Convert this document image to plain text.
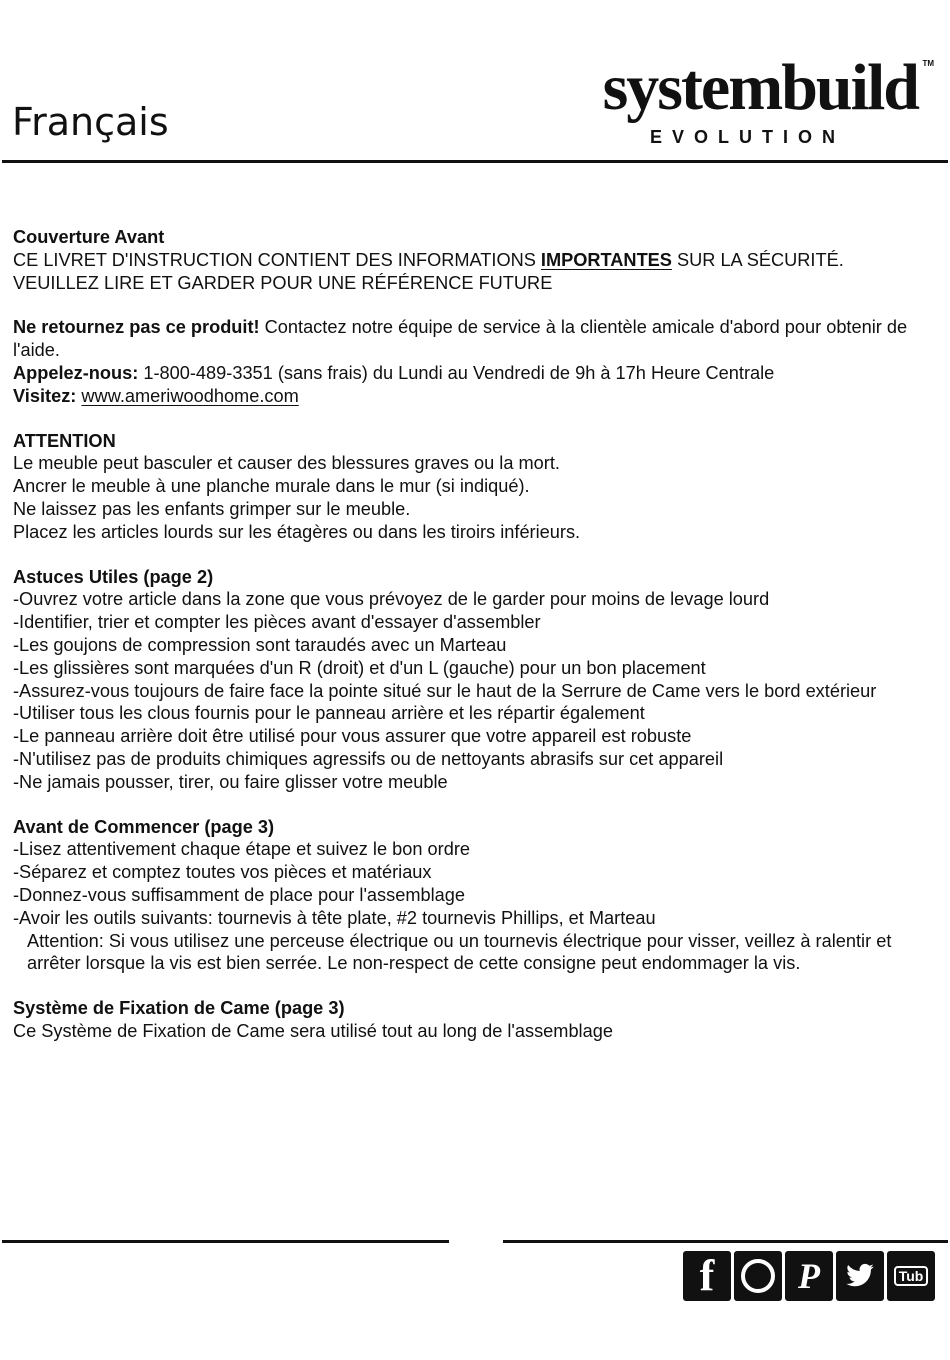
Français	systembuild TM
EVOLUTION
Couverture Avant
CE LIVRET D'INSTRUCTION CONTIENT DES INFORMATIONS IMPORTANTES SUR LA SÉCURITÉ.
VEUILLEZ LIRE ET GARDER POUR UNE RÉFÉRENCE FUTURE
Ne retournez pas ce produit! Contactez notre équipe de service à la clientèle amicale d'abord pour obtenir de l'aide.
Appelez-nous: 1-800-489-3351 (sans frais) du Lundi au Vendredi de 9h à 17h Heure Centrale
Visitez: www.ameriwoodhome.com
ATTENTION
Le meuble peut basculer et causer des blessures graves ou la mort.
Ancrer le meuble à une planche murale dans le mur (si indiqué).
Ne laissez pas les enfants grimper sur le meuble.
Placez les articles lourds sur les étagères ou dans les tiroirs inférieurs.
Astuces Utiles (page 2)
-Ouvrez votre article dans la zone que vous prévoyez de le garder pour moins de levage lourd
-Identifier, trier et compter les pièces avant d'essayer d'assembler
-Les goujons de compression sont taraudés avec un Marteau
-Les glissières sont marquées d'un R (droit) et d'un L (gauche) pour un bon placement
-Assurez-vous toujours de faire face la pointe situé sur le haut de la Serrure de Came vers le bord extérieur
-Utiliser tous les clous fournis pour le panneau arrière et les répartir également
-Le panneau arrière doit être utilisé pour vous assurer que votre appareil est robuste
-N'utilisez pas de produits chimiques agressifs ou de nettoyants abrasifs sur cet appareil
-Ne jamais pousser, tirer, ou faire glisser votre meuble
Avant de Commencer (page 3)
-Lisez attentivement chaque étape et suivez le bon ordre
-Séparez et comptez toutes vos pièces et matériaux
-Donnez-vous suffisamment de place pour l'assemblage
-Avoir les outils suivants: tournevis à tête plate, #2 tournevis Phillips, et Marteau
Attention: Si vous utilisez une perceuse électrique ou un tournevis électrique pour visser, veillez à ralentir et arrêter lorsque la vis est bien serrée. Le non-respect de cette consigne peut endommager la vis.
Système de Fixation de Came (page 3)
Ce Système de Fixation de Came sera utilisé tout au long de l'assemblage
f P	Tub
